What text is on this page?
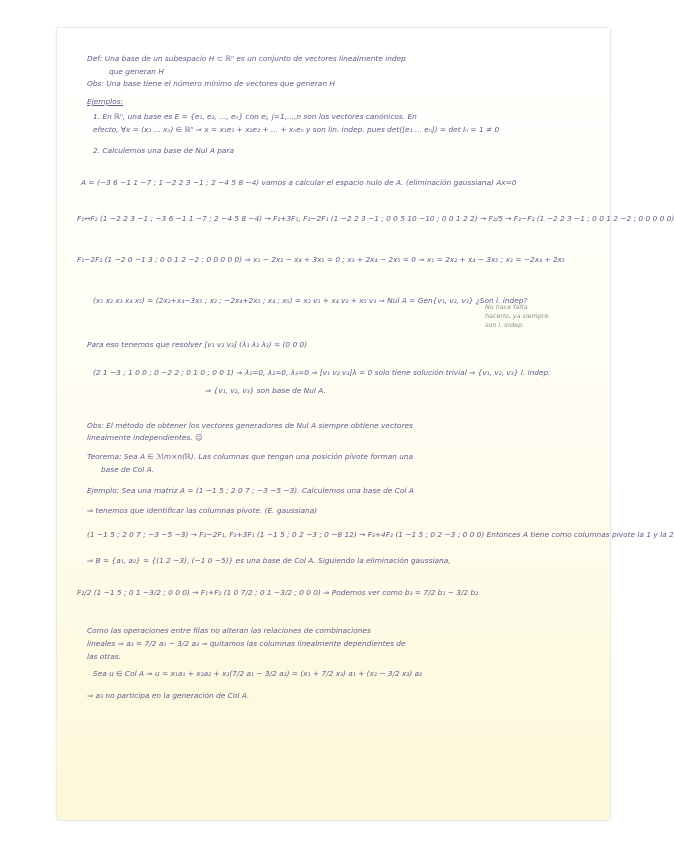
Def: Una base de un subespacio H ⊂ ℝⁿ es un conjunto de vectores linealmente indep
que generan H
Obs: Una base tiene el número mínimo de vectores que generan H
Ejemplos:
1. En ℝⁿ, una base es E = {e₁, e₂, ..., eₙ} con eⱼ, j=1,...,n son los vectores canónicos. En
efecto, ∀x = (x₁ ... xₙ) ∈ ℝⁿ ⇒ x = x₁e₁ + x₂e₂ + ... + xₙeₙ y son lin. indep. pues det([e₁ ... eₙ]) = det Iₙ = 1 ≠ 0
2. Calculemos una base de Nul A para
A = (−3 6 −1 1 −7 ; 1 −2 2 3 −1 ; 2 −4 5 8 −4) vamos a calcular el espacio nulo de A. (eliminación gaussiana) Ax=0
F₁↔F₂ (1 −2 2 3 −1 ; −3 6 −1 1 −7 ; 2 −4 5 8 −4) → F₂+3F₁, F₃−2F₁ (1 −2 2 3 −1 ; 0 0 5 10 −10 ; 0 0 1 2 2) → F₂/5 → F₃−F₂ (1 −2 2 3 −1 ; 0 0 1 2 −2 ; 0 0 0 0 0)
F₁−2F₂ (1 −2 0 −1 3 ; 0 0 1 2 −2 ; 0 0 0 0 0) ⇒ x₁ − 2x₂ − x₄ + 3x₅ = 0 ; x₃ + 2x₄ − 2x₅ = 0 ⇒ x₁ = 2x₂ + x₄ − 3x₅ ; x₃ = −2x₄ + 2x₅
(x₁ x₂ x₃ x₄ x₅) = (2x₂+x₄−3x₅ ; x₂ ; −2x₄+2x₅ ; x₄ ; x₅) = x₂ v₁ + x₄ v₂ + x₅ v₃ ⇒ Nul A = Gen{v₁, v₂, v₃} ¿Son l. indep?
Para eso tenemos que resolver [v₁ v₂ v₃] (λ₁ λ₂ λ₃) = (0 0 0)
(2 1 −3 ; 1 0 0 ; 0 −2 2 ; 0 1 0 ; 0 0 1) ⇒ λ₁=0, λ₂=0, λ₃=0 ⇒ [v₁ v₂ v₃]λ = 0 solo tiene solución trivial ⇒ {v₁, v₂, v₃} l. indep.
⇒ {v₁, v₂, v₃} son base de Nul A.
Obs: El método de obtener los vectores generadores de Nul A siempre obtiene vectores
linealmente independientes. ☺
Teorema: Sea A ∈ ℳm×n(ℝ). Las columnas que tengan una posición pivote forman una
base de Col A.
Ejemplo: Sea una matriz A = (1 −1 5 ; 2 0 7 ; −3 −5 −3). Calculemos una base de Col A
⇒ tenemos que identificar las columnas pivote. (E. gaussiana)
(1 −1 5 ; 2 0 7 ; −3 −5 −3) → F₂−2F₁, F₃+3F₁ (1 −1 5 ; 0 2 −3 ; 0 −8 12) → F₃+4F₂ (1 −1 5 ; 0 2 −3 ; 0 0 0) Entonces A tiene como columnas pivote la 1 y la 2
⇒ B = {a₁, a₂} = {(1 2 −3), (−1 0 −5)} es una base de Col A. Siguiendo la eliminación gaussiana,
F₂/2 (1 −1 5 ; 0 1 −3/2 ; 0 0 0) → F₁+F₂ (1 0 7/2 ; 0 1 −3/2 ; 0 0 0) ⇒ Podemos ver como b₃ = 7/2 b₁ − 3/2 b₂
Como las operaciones entre filas no alteran las relaciones de combinaciones
lineales ⇒ a₃ = 7/2 a₁ − 3/2 a₂ ⇒ quitamos las columnas linealmente dependientes de
las otras.
Sea u ∈ Col A ⇒ u = x₁a₁ + x₂a₂ + x₃(7/2 a₁ − 3/2 a₂) = (x₁ + 7/2 x₃) a₁ + (x₂ − 3/2 x₃) a₂
⇒ a₃ no participa en la generación de Col A.
No hace falta
hacerlo, ya siempre
son l. indep.
